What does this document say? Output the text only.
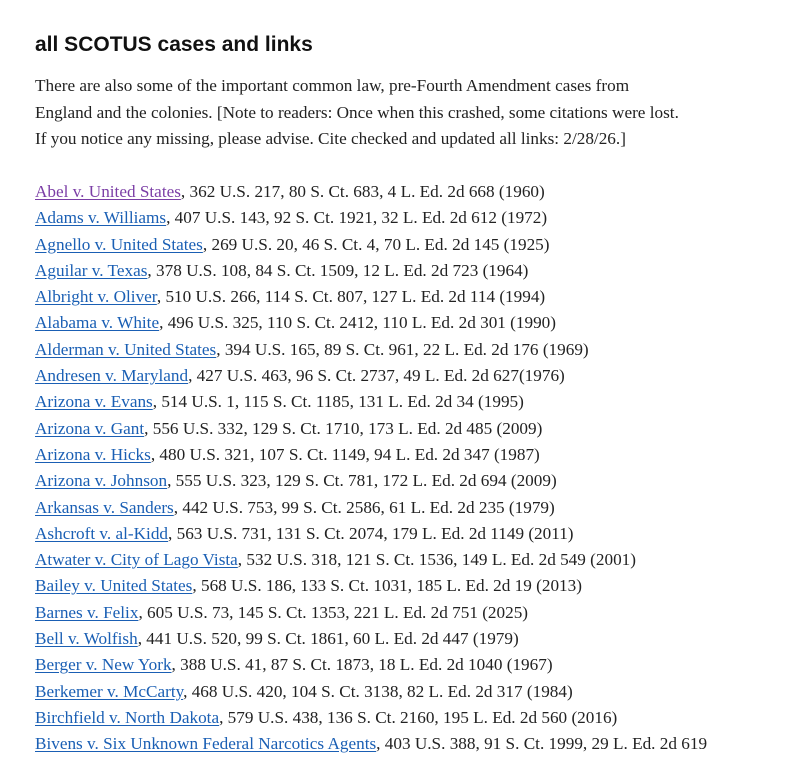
all SCOTUS cases and links

There are also some of the important common law, pre-Fourth Amendment cases from
England and the colonies. [Note to readers: Once when this crashed, some citations were lost.
If you notice any missing, please advise. Cite checked and updated all links: 2/28/26.]

Abel v. United States, 362 U.S. 217, 80 S. Ct. 683, 4 L. Ed. 2d 668 (1960)
Adams v. Williams, 407 U.S. 143, 92 S. Ct. 1921, 32 L. Ed. 2d 612 (1972)
Agnello v. United States, 269 U.S. 20, 46 S. Ct. 4, 70 L. Ed. 2d 145 (1925)
Aguilar v. Texas, 378 U.S. 108, 84 S. Ct. 1509, 12 L. Ed. 2d 723 (1964)
Albright v. Oliver, 510 U.S. 266, 114 S. Ct. 807, 127 L. Ed. 2d 114 (1994)
Alabama v. White, 496 U.S. 325, 110 S. Ct. 2412, 110 L. Ed. 2d 301 (1990)
Alderman v. United States, 394 U.S. 165, 89 S. Ct. 961, 22 L. Ed. 2d 176 (1969)
Andresen v. Maryland, 427 U.S. 463, 96 S. Ct. 2737, 49 L. Ed. 2d 627(1976)
Arizona v. Evans, 514 U.S. 1, 115 S. Ct. 1185, 131 L. Ed. 2d 34 (1995)
Arizona v. Gant, 556 U.S. 332, 129 S. Ct. 1710, 173 L. Ed. 2d 485 (2009)
Arizona v. Hicks, 480 U.S. 321, 107 S. Ct. 1149, 94 L. Ed. 2d 347 (1987)
Arizona v. Johnson, 555 U.S. 323, 129 S. Ct. 781, 172 L. Ed. 2d 694 (2009)
Arkansas v. Sanders, 442 U.S. 753, 99 S. Ct. 2586, 61 L. Ed. 2d 235 (1979)
Ashcroft v. al-Kidd, 563 U.S. 731, 131 S. Ct. 2074, 179 L. Ed. 2d 1149 (2011)
Atwater v. City of Lago Vista, 532 U.S. 318, 121 S. Ct. 1536, 149 L. Ed. 2d 549 (2001)
Bailey v. United States, 568 U.S. 186, 133 S. Ct. 1031, 185 L. Ed. 2d 19 (2013)
Barnes v. Felix, 605 U.S. 73, 145 S. Ct. 1353, 221 L. Ed. 2d 751 (2025)
Bell v. Wolfish, 441 U.S. 520, 99 S. Ct. 1861, 60 L. Ed. 2d 447 (1979)
Berger v. New York, 388 U.S. 41, 87 S. Ct. 1873, 18 L. Ed. 2d 1040 (1967)
Berkemer v. McCarty, 468 U.S. 420, 104 S. Ct. 3138, 82 L. Ed. 2d 317 (1984)
Birchfield v. North Dakota, 579 U.S. 438, 136 S. Ct. 2160, 195 L. Ed. 2d 560 (2016)
Bivens v. Six Unknown Federal Narcotics Agents, 403 U.S. 388, 91 S. Ct. 1999, 29 L. Ed. 2d 619
